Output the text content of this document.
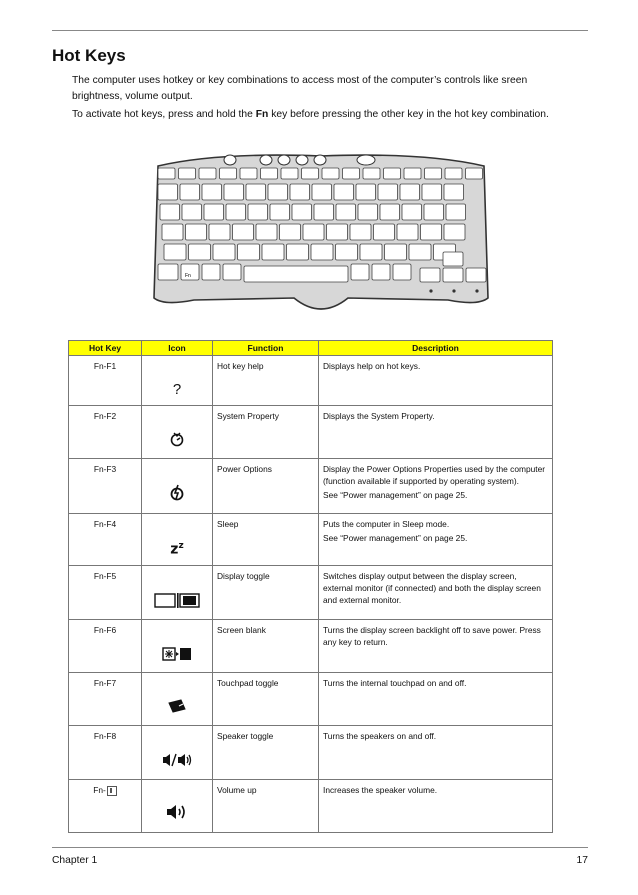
Hot Keys

The computer uses hotkey or key combinations to access most of the computer’s controls like sreen brightness, volume output.

To activate hot keys, press and hold the Fn key before pressing the other key in the hot key combination.

Fn
Hot Key	Icon	Function	Description
Fn-F1	?	Hot key help	Displays help on hot keys.

Fn-F2		System Property	Displays the System Property.

Fn-F3		Power Options	Display the Power Options Properties used by the computer (function available if supported by operating system).
See “Power management” on page 25.

Fn-F4	$z^z$	Sleep	Puts the computer in Sleep mode.
See “Power management” on page 25.

Fn-F5		Display toggle	Switches display output between the display screen, external monitor (if connected) and both the display screen and external monitor.

Fn-F6		Screen blank	Turns the display screen backlight off to save power. Press any key to return.

Fn-F7		Touchpad toggle	Turns the internal touchpad on and off.

Fn-F8		Speaker toggle	Turns the speakers on and off.

Fn-		Volume up	Increases the speaker volume.
Chapter 1	17
